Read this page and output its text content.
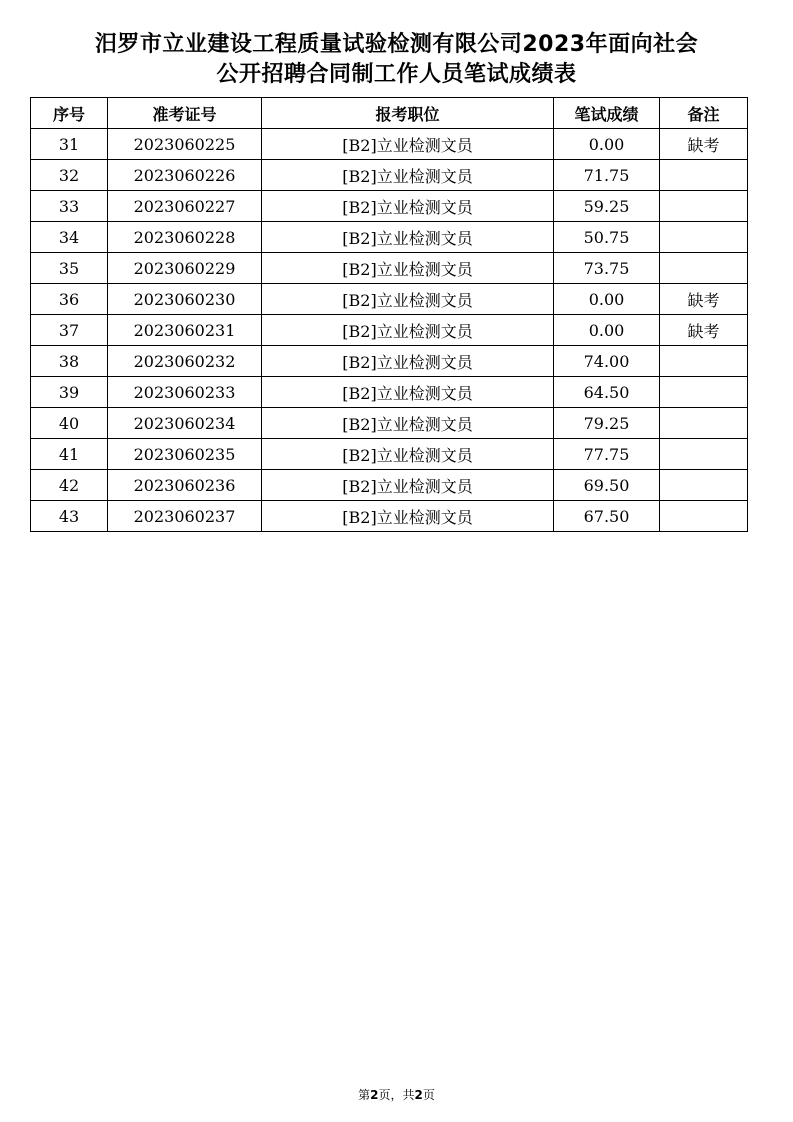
汨罗市立业建设工程质量试验检测有限公司2023年面向社会
公开招聘合同制工作人员笔试成绩表
序号	准考证号	报考职位	笔试成绩	备注
31	2023060225	[B2]立业检测文员	0.00	缺考
32	2023060226	[B2]立业检测文员	71.75	
33	2023060227	[B2]立业检测文员	59.25	
34	2023060228	[B2]立业检测文员	50.75	
35	2023060229	[B2]立业检测文员	73.75	
36	2023060230	[B2]立业检测文员	0.00	缺考
37	2023060231	[B2]立业检测文员	0.00	缺考
38	2023060232	[B2]立业检测文员	74.00	
39	2023060233	[B2]立业检测文员	64.50	
40	2023060234	[B2]立业检测文员	79.25	
41	2023060235	[B2]立业检测文员	77.75	
42	2023060236	[B2]立业检测文员	69.50	
43	2023060237	[B2]立业检测文员	67.50	
第2页，共2页
